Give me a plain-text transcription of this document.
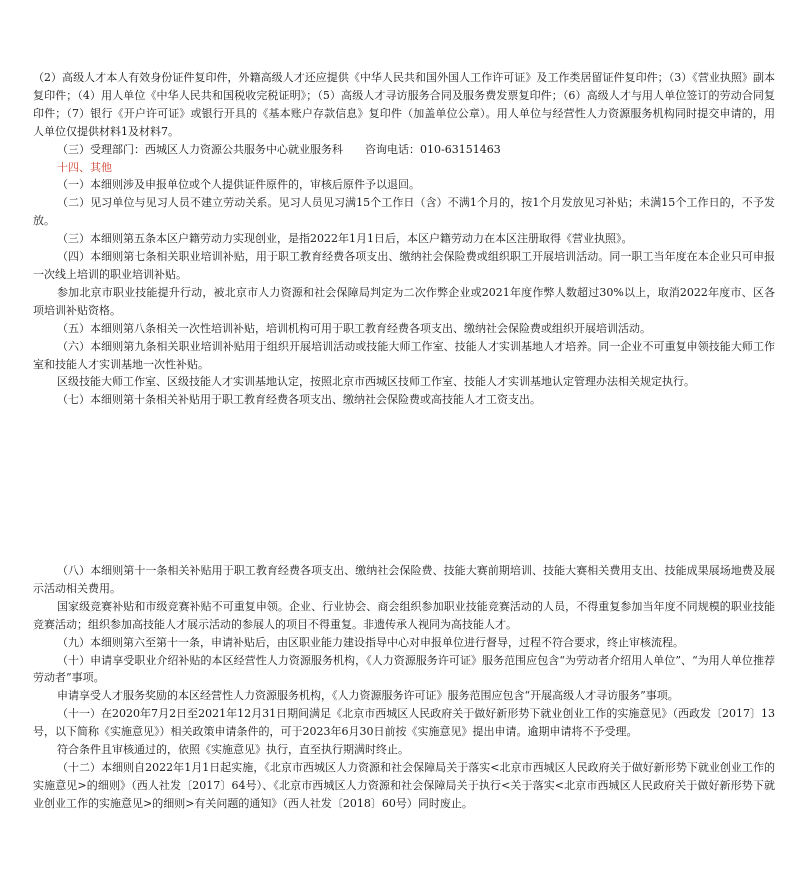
（2）高级人才本人有效身份证件复印件，外籍高级人才还应提供《中华人民共和国外国人工作许可证》及工作类居留证件复印件；（3）《营业执照》副本复印件；（4）用人单位《中华人民共和国税收完税证明》；（5）高级人才寻访服务合同及服务费发票复印件；（6）高级人才与用人单位签订的劳动合同复印件；（7）银行《开户许可证》或银行开具的《基本账户存款信息》复印件（加盖单位公章）。用人单位与经营性人力资源服务机构同时提交申请的，用人单位仅提供材料1及材料7。

（三）受理部门：西城区人力资源公共服务中心就业服务科　　咨询电话：010-63151463

十四、其他

（一）本细则涉及申报单位或个人提供证件原件的，审核后原件予以退回。

（二）见习单位与见习人员不建立劳动关系。见习人员见习满15个工作日（含）不满1个月的，按1个月发放见习补贴；未满15个工作日的，不予发放。

（三）本细则第五条本区户籍劳动力实现创业，是指2022年1月1日后，本区户籍劳动力在本区注册取得《营业执照》。

（四）本细则第七条相关职业培训补贴，用于职工教育经费各项支出、缴纳社会保险费或组织职工开展培训活动。同一职工当年度在本企业只可申报一次线上培训的职业培训补贴。

参加北京市职业技能提升行动，被北京市人力资源和社会保障局判定为二次作弊企业或2021年度作弊人数超过30%以上，取消2022年度市、区各项培训补贴资格。

（五）本细则第八条相关一次性培训补贴，培训机构可用于职工教育经费各项支出、缴纳社会保险费或组织开展培训活动。

（六）本细则第九条相关职业培训补贴用于组织开展培训活动或技能大师工作室、技能人才实训基地人才培养。同一企业不可重复申领技能大师工作室和技能人才实训基地一次性补贴。

区级技能大师工作室、区级技能人才实训基地认定，按照北京市西城区技师工作室、技能人才实训基地认定管理办法相关规定执行。

（七）本细则第十条相关补贴用于职工教育经费各项支出、缴纳社会保险费或高技能人才工资支出。

（八）本细则第十一条相关补贴用于职工教育经费各项支出、缴纳社会保险费、技能大赛前期培训、技能大赛相关费用支出、技能成果展场地费及展示活动相关费用。

国家级竞赛补贴和市级竞赛补贴不可重复申领。企业、行业协会、商会组织参加职业技能竞赛活动的人员，不得重复参加当年度不同规模的职业技能竞赛活动；组织参加高技能人才展示活动的参展人的项目不得重复。非遗传承人视同为高技能人才。

（九）本细则第六至第十一条，申请补贴后，由区职业能力建设指导中心对申报单位进行督导，过程不符合要求，终止审核流程。

（十）申请享受职业介绍补贴的本区经营性人力资源服务机构，《人力资源服务许可证》服务范围应包含“为劳动者介绍用人单位”、“为用人单位推荐劳动者”事项。

申请享受人才服务奖励的本区经营性人力资源服务机构，《人力资源服务许可证》服务范围应包含“开展高级人才寻访服务”事项。

（十一）在2020年7月2日至2021年12月31日期间满足《北京市西城区人民政府关于做好新形势下就业创业工作的实施意见》（西政发〔2017〕13号，以下简称《实施意见》）相关政策申请条件的，可于2023年6月30日前按《实施意见》提出申请。逾期申请将不予受理。

符合条件且审核通过的，依照《实施意见》执行，直至执行期满时终止。

（十二）本细则自2022年1月1日起实施，《北京市西城区人力资源和社会保障局关于落实<北京市西城区人民政府关于做好新形势下就业创业工作的实施意见>的细则》（西人社发〔2017〕64号）、《北京市西城区人力资源和社会保障局关于执行<关于落实<北京市西城区人民政府关于做好新形势下就业创业工作的实施意见>的细则>有关问题的通知》（西人社发〔2018〕60号）同时废止。
